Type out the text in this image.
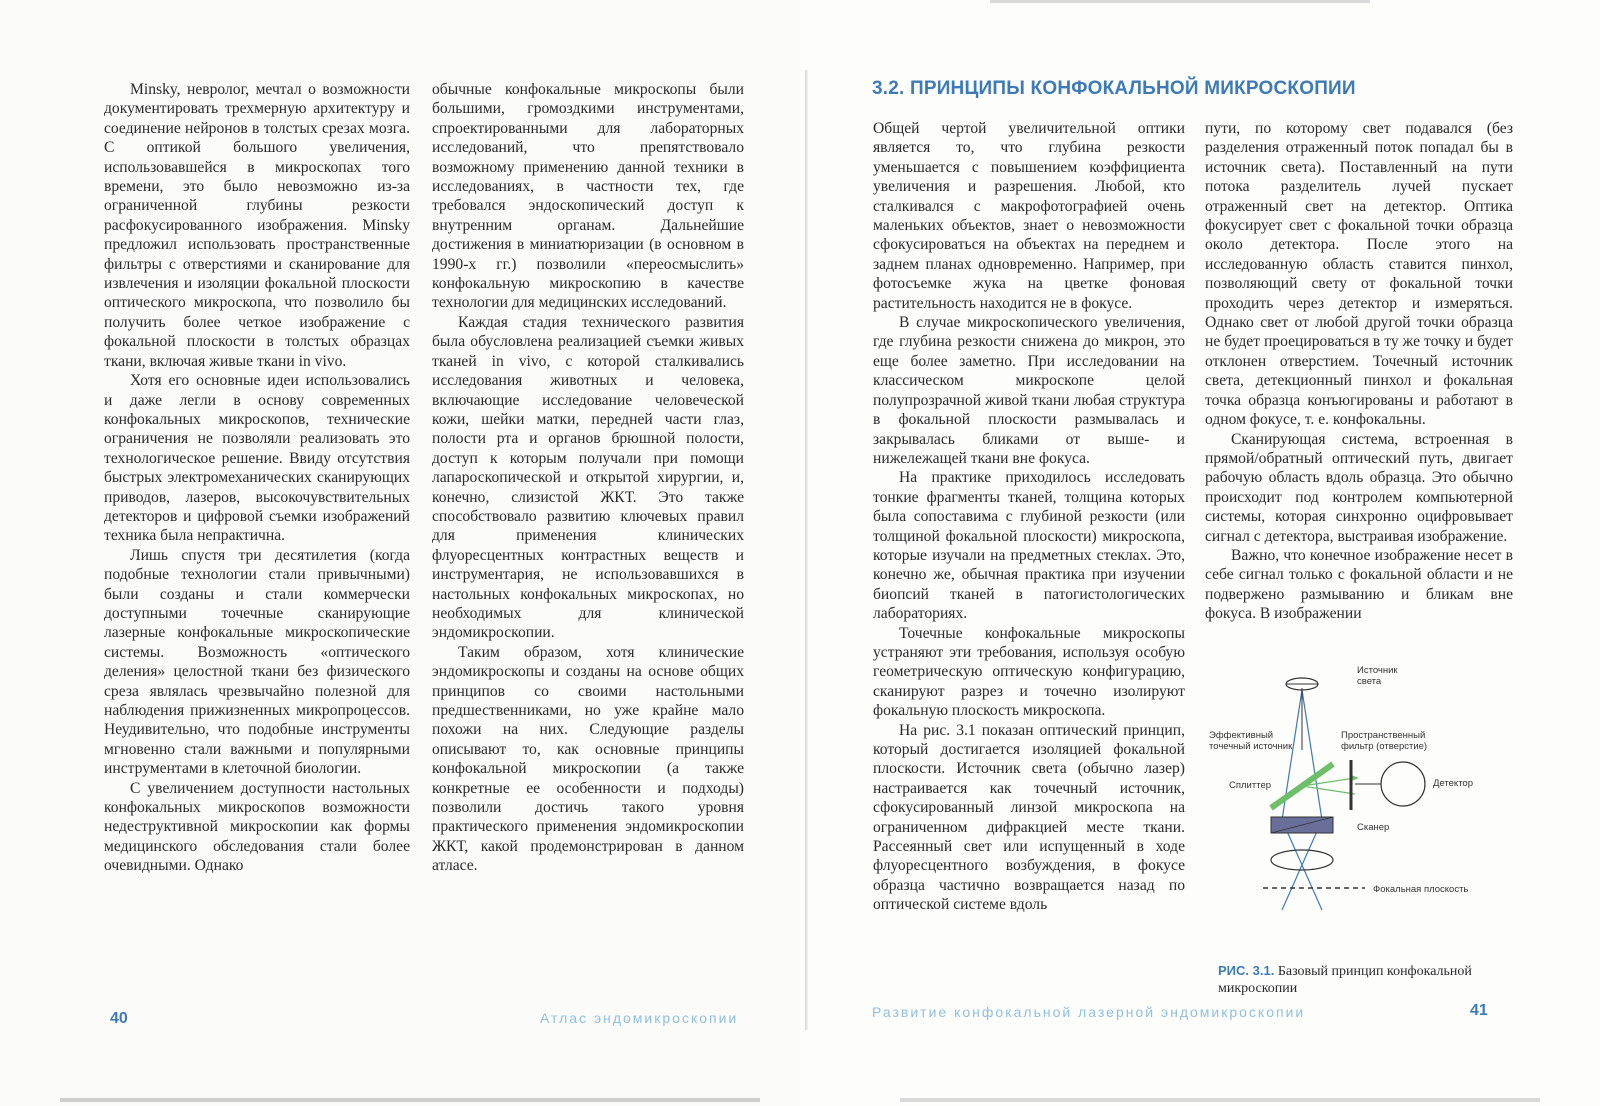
Minsky, невролог, мечтал о возможности документировать трехмерную архитектуру и соединение нейронов в толстых срезах мозга. С оптикой большого увеличения, использовавшейся в микроскопах того времени, это было невозможно из-за ограниченной глубины резкости расфокусированного изображения. Minsky предложил использовать пространственные фильтры с отверстиями и сканирование для извлечения и изоляции фокальной плоскости оптического микроскопа, что позволило бы получить более четкое изображение с фокальной плоскости в толстых образцах ткани, включая живые ткани in vivo.

Хотя его основные идеи использовались и даже легли в основу современных конфокальных микроскопов, технические ограничения не позволяли реализовать это технологическое решение. Ввиду отсутствия быстрых электромеханических сканирующих приводов, лазеров, высокочувствительных детекторов и цифровой съемки изображений техника была непрактична.

Лишь спустя три десятилетия (когда подобные технологии стали привычными) были созданы и стали коммерчески доступными точечные сканирующие лазерные конфокальные микроскопические системы. Возможность «оптического деления» целостной ткани без физического среза являлась чрезвычайно полезной для наблюдения прижизненных микропроцессов. Неудивительно, что подобные инструменты мгновенно стали важными и популярными инструментами в клеточной биологии.

С увеличением доступности настольных конфокальных микроскопов возможности недеструктивной микроскопии как формы медицинского обследования стали более очевидными. Однако

обычные конфокальные микроскопы были большими, громоздкими инструментами, спроектированными для лабораторных исследований, что препятствовало возможному применению данной техники в исследованиях, в частности тех, где требовался эндоскопический доступ к внутренним органам. Дальнейшие достижения в миниатюризации (в основном в 1990-х гг.) позволили «переосмыслить» конфокальную микроскопию в качестве технологии для медицинских исследований.

Каждая стадия технического развития была обусловлена реализацией съемки живых тканей in vivo, с которой сталкивались исследования животных и человека, включающие исследование человеческой кожи, шейки матки, передней части глаз, полости рта и органов брюшной полости, доступ к которым получали при помощи лапароскопической и открытой хирургии, и, конечно, слизистой ЖКТ. Это также способствовало развитию ключевых правил для применения клинических флуоресцентных контрастных веществ и инструментария, не использовавшихся в настольных конфокальных микроскопах, но необходимых для клинической эндомикроскопии.

Таким образом, хотя клинические эндомикроскопы и созданы на основе общих принципов со своими настольными предшественниками, но уже крайне мало похожи на них. Следующие разделы описывают то, как основные принципы конфокальной микроскопии (а также конкретные ее особенности и подходы) позволили достичь такого уровня практического применения эндомикроскопии ЖКТ, какой продемонстрирован в данном атласе.

40	Атлас эндомикроскопии
3.2. ПРИНЦИПЫ КОНФОКАЛЬНОЙ МИКРОСКОПИИ

Общей чертой увеличительной оптики является то, что глубина резкости уменьшается с повышением коэффициента увеличения и разрешения. Любой, кто сталкивался с макрофотографией очень маленьких объектов, знает о невозможности сфокусироваться на объектах на переднем и заднем планах одновременно. Например, при фотосъемке жука на цветке фоновая растительность находится не в фокусе.

В случае микроскопического увеличения, где глубина резкости снижена до микрон, это еще более заметно. При исследовании на классическом микроскопе целой полупрозрачной живой ткани любая структура в фокальной плоскости размывалась и закрывалась бликами от выше- и нижележащей ткани вне фокуса.

На практике приходилось исследовать тонкие фрагменты тканей, толщина которых была сопоставима с глубиной резкости (или толщиной фокальной плоскости) микроскопа, которые изучали на предметных стеклах. Это, конечно же, обычная практика при изучении биопсий тканей в патогистологических лабораториях.

Точечные конфокальные микроскопы устраняют эти требования, используя особую геометрическую оптическую конфигурацию, сканируют разрез и точечно изолируют фокальную плоскость микроскопа.

На рис. 3.1 показан оптический принцип, который достигается изоляцией фокальной плоскости. Источник света (обычно лазер) настраивается как точечный источник, сфокусированный линзой микроскопа на ограниченном дифракцией месте ткани. Рассеянный свет или испущенный в ходе флуоресцентного возбуждения, в фокусе образца частично возвращается назад по оптической системе вдоль

пути, по которому свет подавался (без разделения отраженный поток попадал бы в источник света). Поставленный на пути потока разделитель лучей пускает отраженный свет на детектор. Оптика фокусирует свет с фокальной точки образца около детектора. После этого на исследованную область ставится пинхол, позволяющий свету от фокальной точки проходить через детектор и измеряться. Однако свет от любой другой точки образца не будет проецироваться в ту же точку и будет отклонен отверстием. Точечный источник света, детекционный пинхол и фокальная точка образца конъюгированы и работают в одном фокусе, т. е. конфокальны.

Сканирующая система, встроенная в прямой/обратный оптический путь, двигает рабочую область вдоль образца. Это обычно происходит под контролем компьютерной системы, которая синхронно оцифровывает сигнал с детектора, выстраивая изображение.

Важно, что конечное изображение несет в себе сигнал только с фокальной области и не подвержено размыванию и бликам вне фокуса. В изображении

Источник
света
Эффективный
точечный источник
Пространственный
фильтр (отверстие)
Сплиттер	Детектор
Сканер
Фокальная плоскость
РИС. 3.1. Базовый принцип конфокальной микроскопии
Развитие конфокальной лазерной эндомикроскопии	41
